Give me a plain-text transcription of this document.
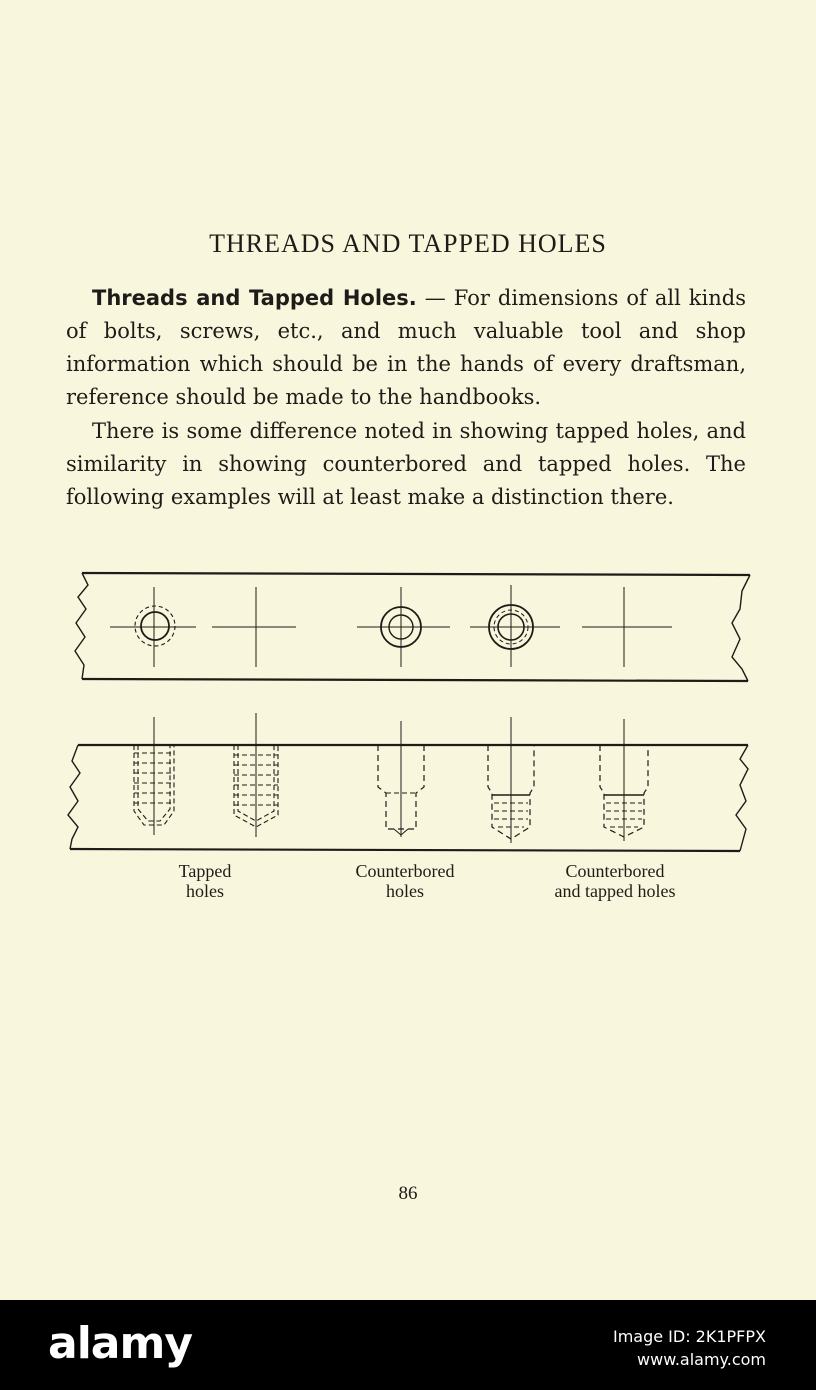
THREADS AND TAPPED HOLES
Threads and Tapped Holes. — For dimensions of all kinds of bolts, screws, etc., and much valuable tool and shop information which should be in the hands of every draftsman, reference should be made to the handbooks.
There is some difference noted in showing tapped holes, and similarity in showing counterbored and tapped holes. The following examples will at least make a distinction there.
Tapped
holes
Counterbored
holes
Counterbored
and tapped holes
86
alamy	Image ID: 2K1PFPX
www.alamy.com
